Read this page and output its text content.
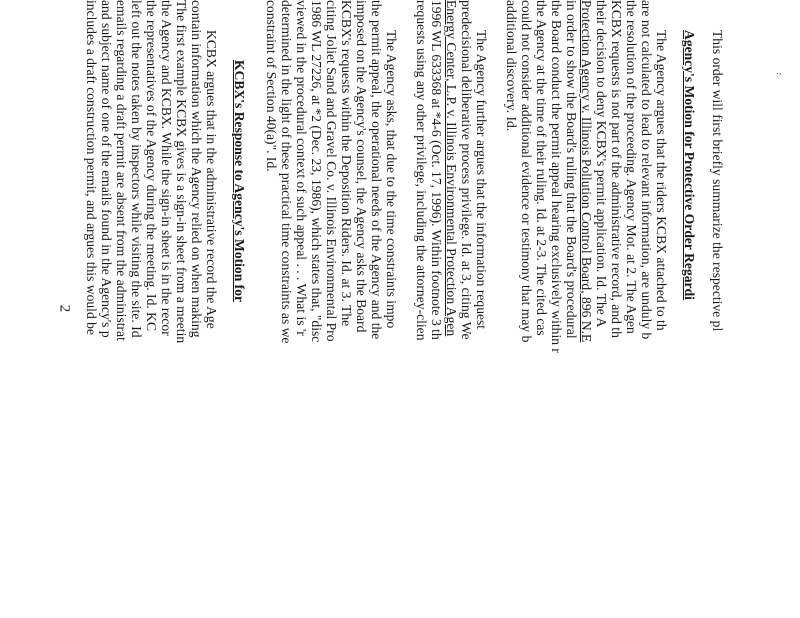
.,
This order will first briefly summarize the respective pl
Agency's Motion for Protective Order Regardi
The Agency argues that the riders KCBX attached to th
are not calculated to lead to relevant information, are unduly b
the resolution of the proceeding. Agency Mot. at 2. The Agen
KCBX requests is not part of the administrative record, and th
their decision to deny KCBX's permit application. Id. The A
Protection Agency v. Illinois Pollution Control Board, 896 N.E
in order to show the Board's ruling that the Board's procedural
the Board conduct the permit appeal hearing exclusively within r
the Agency at the time of their ruling. Id. at 2-3. The cited cas
could not consider additional evidence or testimony that may b
additional discovery. Id.
The Agency further argues that the information request
predecisional deliberative process privilege. Id. at 3, citing We
Energy Center, L.P. v. Illinois Environmental Protection Agen
1996 WL 633368 at *4-6 (Oct. 17, 1996). Within footnote 3 th
requests using any other privilege, including the attorney-clien
The Agency asks, that due to the time constraints impo
the permit appeal, the operational needs of the Agency and the
imposed on the Agency's counsel, the Agency asks the Board
KCBX's requests within the Deposition Riders. Id. at 3. The
citing Joliet Sand and Gravel Co. v. Illinois Environmental Pro
1986 WL 27226, at *2 (Dec. 23, 1986), which states that, "disc
viewed in the procedural context of such appeal . . . What is 'r
determined in the light of these practical time constraints as we
constraint of Section 40(a)". Id.
KCBX's Response to Agency's Motion for
KCBX argues that in the administrative record the Age
contain information which the Agency relied on when making
The first example KCBX gives is a sign-in sheet from a meetin
the Agency and KCBX. While the sign-in sheet is in the recor
the representatives of the Agency during the meeting. Id. KC
left out the notes taken by inspectors while visiting the site. Id
emails regarding a draft permit are absent from the administrat
and subject name of one of the emails found in the Agency's p
includes a draft construction permit, and argues this would be
2
